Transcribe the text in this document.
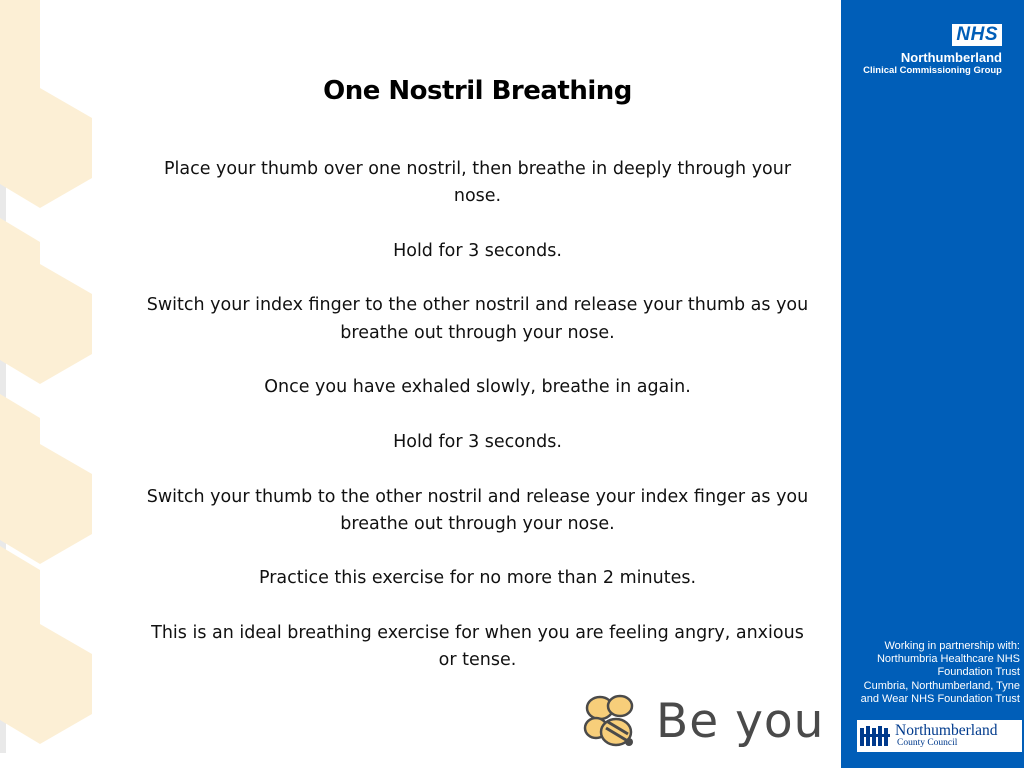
One Nostril Breathing

Place your thumb over one nostril, then breathe in deeply through your nose.

Hold for 3 seconds.

Switch your index finger to the other nostril and release your thumb as you breathe out through your nose.

Once you have exhaled slowly, breathe in again.

Hold for 3 seconds.

Switch your thumb to the other nostril and release your index finger as you breathe out through your nose.

Practice this exercise for no more than 2 minutes.

This is an ideal breathing exercise for when you are feeling angry, anxious or tense.

NHS
Northumberland
Clinical Commissioning Group
Working in partnership with:
Northumbria Healthcare NHS
Foundation Trust
Cumbria, Northumberland, Tyne
and Wear NHS Foundation Trust
Northumberland
County Council
Be you
